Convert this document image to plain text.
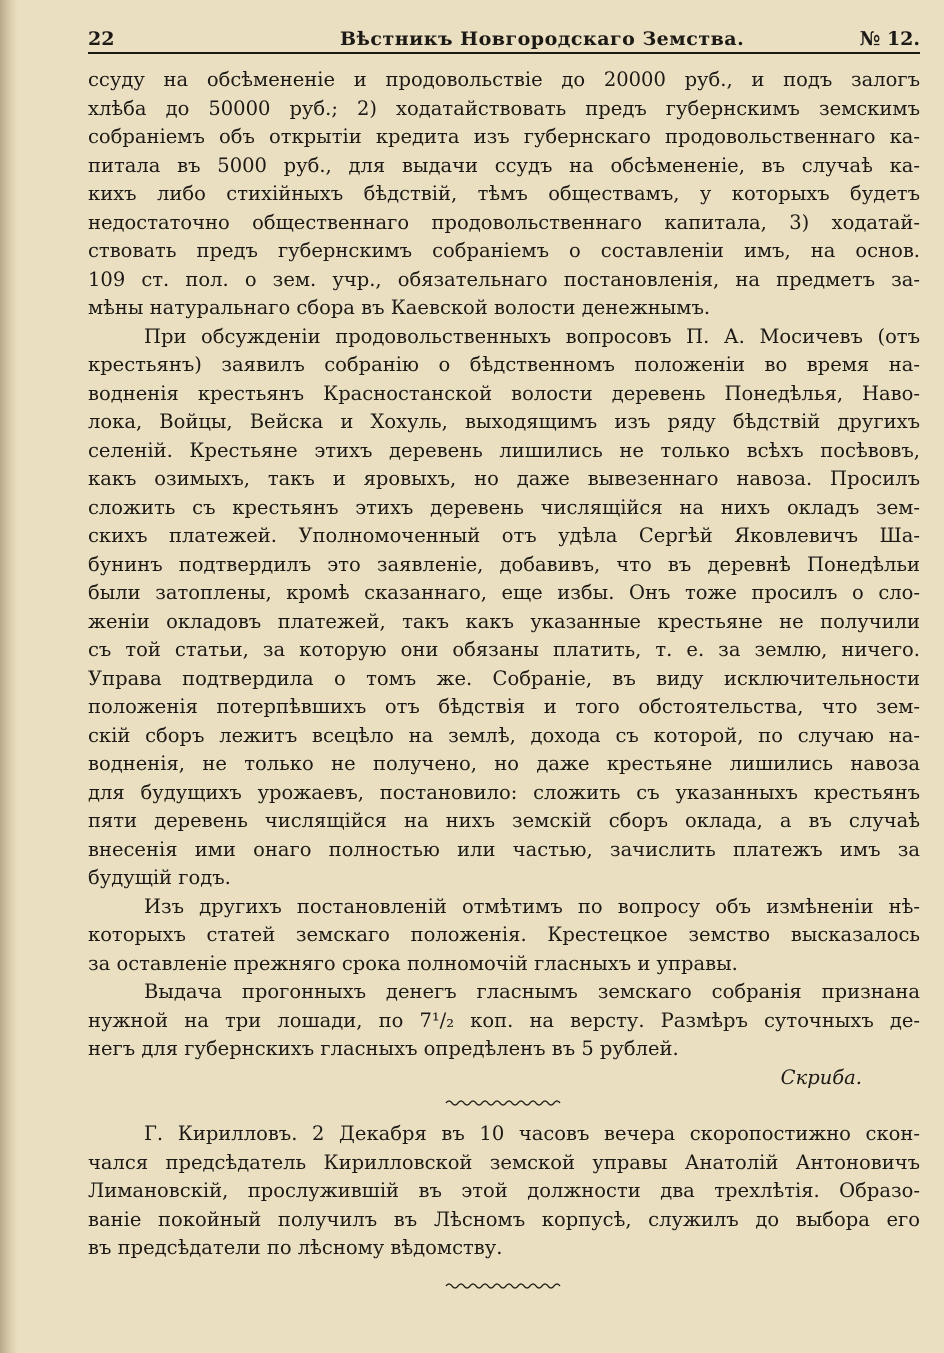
22	Вѣстникъ Новгородскаго Земства.	№ 12.
ссуду на обсѣмененіе и продовольствіе до 20000 руб., и подъ залогъ
хлѣба до 50000 руб.; 2) ходатайствовать предъ губернскимъ земскимъ
собраніемъ объ открытіи кредита изъ губернскаго продовольственнаго ка-
питала въ 5000 руб., для выдачи ссудъ на обсѣмененіе, въ случаѣ ка-
кихъ либо стихійныхъ бѣдствій, тѣмъ обществамъ, у которыхъ будетъ
недостаточно общественнаго продовольственнаго капитала, 3) ходатай-
ствовать предъ губернскимъ собраніемъ о составленіи имъ, на основ.
109 ст. пол. о зем. учр., обязательнаго постановленія, на предметъ за-
мѣны натуральнаго сбора въ Каевской волости денежнымъ.
При обсужденіи продовольственныхъ вопросовъ П. А. Мосичевъ (отъ
крестьянъ) заявилъ собранію о бѣдственномъ положеніи во время на-
водненія крестьянъ Красностанской волости деревень Понедѣлья, Наво-
лока, Войцы, Вейска и Хохуль, выходящимъ изъ ряду бѣдствій другихъ
селеній. Крестьяне этихъ деревень лишились не только всѣхъ посѣвовъ,
какъ озимыхъ, такъ и яровыхъ, но даже вывезеннаго навоза. Просилъ
сложить съ крестьянъ этихъ деревень числящійся на нихъ окладъ зем-
скихъ платежей. Уполномоченный отъ удѣла Сергѣй Яковлевичъ Ша-
бунинъ подтвердилъ это заявленіе, добавивъ, что въ деревнѣ Понедѣльи
были затоплены, кромѣ сказаннаго, еще избы. Онъ тоже просилъ о сло-
женіи окладовъ платежей, такъ какъ указанные крестьяне не получили
съ той статьи, за которую они обязаны платить, т. е. за землю, ничего.
Управа подтвердила о томъ же. Собраніе, въ виду исключительности
положенія потерпѣвшихъ отъ бѣдствія и того обстоятельства, что зем-
скій сборъ лежитъ всецѣло на землѣ, дохода съ которой, по случаю на-
водненія, не только не получено, но даже крестьяне лишились навоза
для будущихъ урожаевъ, постановило: сложить съ указанныхъ крестьянъ
пяти деревень числящійся на нихъ земскій сборъ оклада, а въ случаѣ
внесенія ими онаго полностью или частью, зачислить платежъ имъ за
будущій годъ.
Изъ другихъ постановленій отмѣтимъ по вопросу объ измѣненіи нѣ-
которыхъ статей земскаго положенія. Крестецкое земство высказалось
за оставленіе прежняго срока полномочій гласныхъ и управы.
Выдача прогонныхъ денегъ гласнымъ земскаго собранія признана
нужной на три лошади, по 7¹/₂ коп. на версту. Размѣръ суточныхъ де-
негъ для губернскихъ гласныхъ опредѣленъ въ 5 рублей.
Скриба.
Г. Кирилловъ. 2 Декабря въ 10 часовъ вечера скоропостижно скон-
чался предсѣдатель Кирилловской земской управы Анатолій Антоновичъ
Лимановскій, прослужившій въ этой должности два трехлѣтія. Образо-
ваніе покойный получилъ въ Лѣсномъ корпусѣ, служилъ до выбора его
въ предсѣдатели по лѣсному вѣдомству.
